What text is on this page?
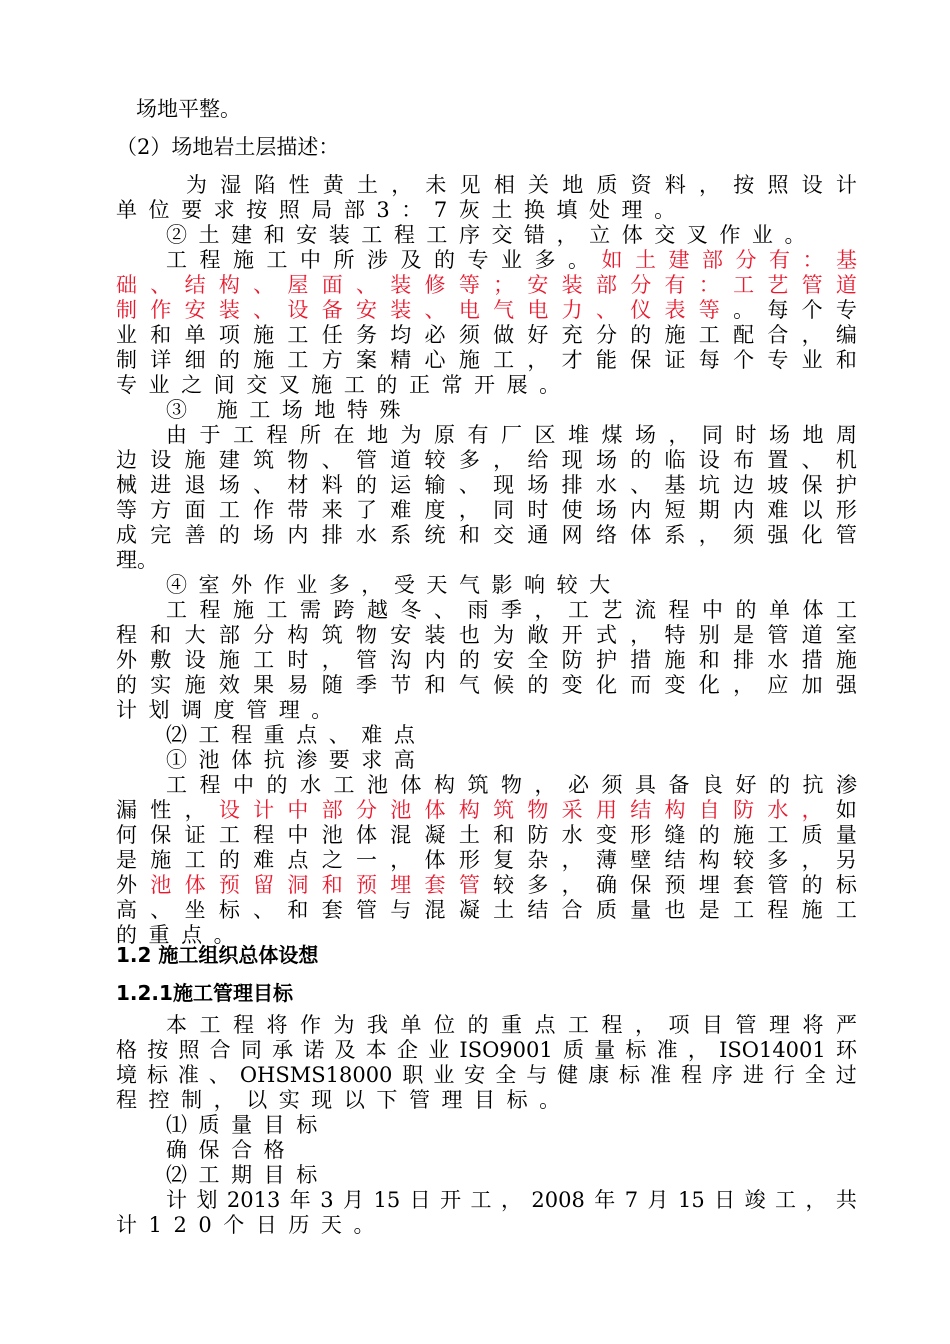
场地平整。
（2）场地岩土层描述：
为 湿 陷 性 黄 土 ， 未 见 相 关 地 质 资 料 ， 按 照 设 计
单位要求按照局部3：7灰土换填处理。
②土建和安装工程工序交错，立体交叉作业。
工 程 施 工 中 所 涉 及 的 专 业 多 。 如 土 建 部 分 有 ： 基
础 、 结 构 、 屋 面 、 装 修 等 ； 安 装 部 分 有 ： 工 艺 管 道
制 作 安 装 、 设 备 安 装 、 电 气 电 力 、 仪 表 等 。 每 个 专
业 和 单 项 施 工 任 务 均 必 须 做 好 充 分 的 施 工 配 合 ， 编
制 详 细 的 施 工 方 案 精 心 施 工 ， 才 能 保 证 每 个 专 业 和
专业之间交叉施工的正常开展。
③ 施工场地特殊
由 于 工 程 所 在 地 为 原 有 厂 区 堆 煤 场 ， 同 时 场 地 周
边 设 施 建 筑 物 、 管 道 较 多 ， 给 现 场 的 临 设 布 置 、 机
械 进 退 场 、 材 料 的 运 输 、 现 场 排 水 、 基 坑 边 坡 保 护
等 方 面 工 作 带 来 了 难 度 ， 同 时 使 场 内 短 期 内 难 以 形
成 完 善 的 场 内 排 水 系 统 和 交 通 网 络 体 系 ， 须 强 化 管
理。
④室外作业多，受天气影响较大
工 程 施 工 需 跨 越 冬 、 雨 季 ， 工 艺 流 程 中 的 单 体 工
程 和 大 部 分 构 筑 物 安 装 也 为 敞 开 式 ， 特 别 是 管 道 室
外 敷 设 施 工 时 ， 管 沟 内 的 安 全 防 护 措 施 和 排 水 措 施
的 实 施 效 果 易 随 季 节 和 气 候 的 变 化 而 变 化 ， 应 加 强
计划调度管理。
⑵工程重点、难点
①池体抗渗要求高
工 程 中 的 水 工 池 体 构 筑 物 ， 必 须 具 备 良 好 的 抗 渗
漏 性 ， 设 计 中 部 分 池 体 构 筑 物 采 用 结 构 自 防 水 ， 如
何 保 证 工 程 中 池 体 混 凝 土 和 防 水 变 形 缝 的 施 工 质 量
是 施 工 的 难 点 之 一 ， 体 形 复 杂 ， 薄 壁 结 构 较 多 ， 另
外 池 体 预 留 洞 和 预 埋 套 管 较 多 ， 确 保 预 埋 套 管 的 标
高 、 坐 标 、 和 套 管 与 混 凝 土 结 合 质 量 也 是 工 程 施 工
的重点。
1.2 施工组织总体设想
1.2.1施工管理目标
本 工 程 将 作 为 我 单 位 的 重 点 工 程 ， 项 目 管 理 将 严
格 按 照 合 同 承 诺 及 本 企 业 ISO9001 质 量 标 准 ， ISO14001 环
境 标 准 、 OHSMS18000 职 业 安 全 与 健 康 标 准 程 序 进 行 全 过
程控制，以实现以下管理目标。
⑴质量目标
确保合格
⑵工期目标
计 划 2013 年 3 月 15 日 开 工 ， 2008 年 7 月 15 日 竣 工 ， 共
计120个日历天。
